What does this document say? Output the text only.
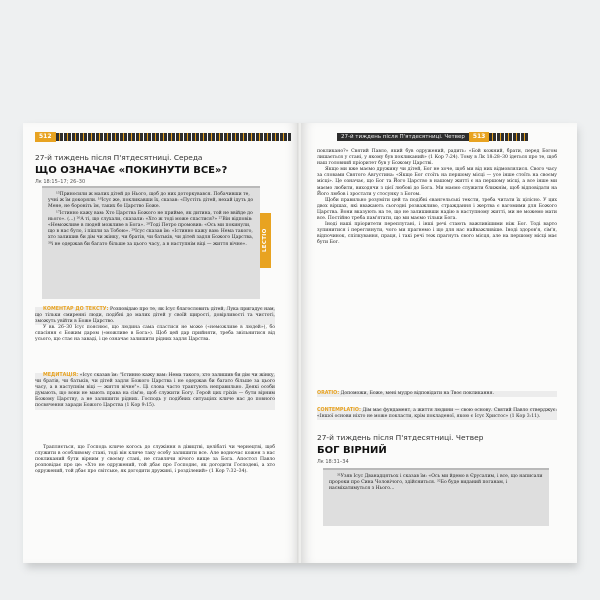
512
27-й тиждень після П'ятдесятниці. Середа
ЩО ОЗНАЧАЄ «ПОКИНУТИ ВСЕ»?
Лк 18:15–17; 26–30

¹⁵Приносили ж малих дітей до Нього, щоб до них доторкувався. Побачивши те, учні ж їм докоряли. ¹⁶Ісус же, покликавши їх, сказав: «Пустіть дітей, нехай ідуть до Мене, не бороніть їм, таких бо Царство Боже.

¹⁷Істинно кажу вам: Хто Царства Божого не прийме, як дитина, той не ввійде до нього». (...) ²⁶А ті, що слухали, сказали: «Хто ж тоді може спастися?» ²⁷Він відповів: «Неможливе в людей можливе в Бога». ²⁸Тоді Петро промовив: «Ось ми покинули, що в нас було, і пішли за Тобою». ²⁹Ісус сказав їм: «Істинно кажу вам: Нема такого, хто залишив би дім чи жінку, чи братів, чи батьків, чи дітей задля Божого Царства, ³⁰і не одержав би багато більше за цього часу, а в наступнім віці — життя вічне».	LECTIO

КОМЕНТАР ДО ТЕКСТУ: Розповідаю про те, як Ісус благословить дітей, Лука пригадує нам, що тільки смиренні люди, подібні до малих дітей у своїй щирості, довірливості та чистоті, зможуть увійти в Боже Царство.

У вв. 26–30 Ісус пояснює, що людина сама спастися не може («неможливе в людей»), бо спасіння є Божим даром («можливе в Бога»). Щоб цей дар прийняти, треба звільнитися від усього, що стає на заваді, і це означає залишити рідних задля Царства.

МЕДИТАЦІЯ: «Ісус сказав їм: "Істинно кажу вам: Нема такого, хто залишив би дім чи жінку, чи братів, чи батьків, чи дітей задля Божого Царства і не одержав би багато більше за цього часу, а в наступнім віці — життя вічне"». Ці слова часто трактують неправильно. Деякі особи думають, що вони не мають права на сім'ю, щоб служити Богу. Герой цих гріхів — бути вірним Божому Царству, а не залишити рідних. Господь у подібних ситуаціях кличе нас до повного посвячення заради Божого Царства (1 Кор 9:15).

Трапляється, що Господь кличе когось до служіння в дівицтві, целібаті чи чернецтві, щоб служити в особливому стані, тоді він кличе таку особу залишити все. Але водночас кожен з нас покликаний бути вірним у своєму стані, не ставлячи нічого вище за Бога. Апостол Павло розповідає про це: «Хто не одружений, той дбає про Господнє, як догодити Господеві, а хто одружений, той дбає про світське, як догодити дружині, і розділений» (1 Кор 7:32–34).

27-й тиждень після П'ятдесятниці. Четвер	513

покликано?» Святий Павло, який був одружений, радить: «Бой кожний, брати, перед Богом лишається у стані, у якому був покликаний» (1 Кор 7:24). Тому в Лк 18:28–30 ідеться про те, щоб наш головний пріоритет був у Божому Царстві.

Якщо ми вже маємо дружину чи дітей, Бог не хоче, щоб ми від них відмовлялися. Свого часу за словами Святого Августина: «Якщо Бог стоїть на першому місці — усе інше стоїть на своєму місці». Це означає, що Бог та Його Царство в нашому житті є на першому місці, а все інше ми маємо любити, виходячи з цієї любові до Бога. Ми маємо служити ближнім, щоб відповідати на Його любов і зростати у стосунку з Богом.

Щоби правильно розуміти цей та подібні євангельські тексти, треба читати їх цілісно. У цих двох віршах, які вважають сьогодні розважливо, страждання і жертва є вагомими для Божого Царства. Вони вказують на те, що не залишивши надію в наступному житті, ми не можемо мати все. Постійно треба пам'ятати, що ми маємо тільки Бога.

Іноді наші пріоритети переплутані, і інші речі стають важливішими ніж Бог. Тоді варто зупинитися і переглянути, чого ми прагнемо і що для нас найважливіше. Іноді здоров'я, сім'я, відпочинок, спілкування, праця, і такі речі теж прагнуть свого місця, але на першому місці має бути Бог.

ORATIO: Допоможи, Боже, мені мудро відповідати на Твоє покликання.

CONTEMPLATIO: Дім має фундамент, а життя людини — свою основу. Святий Павло стверджує: «Іншої основи ніхто не може покласти, крім покладеної, якою є Ісус Христос» (1 Кор 3:11).

27-й тиждень після П'ятдесятниці. Четвер
БОГ ВІРНИЙ
Лк 18:31–34

³¹Узяв Ісус Дванадцятьох і сказав їм: «Ось ми йдемо в Єрусалим, і все, що написали пророки про Сина Чоловічого, здійсниться. ³²Бо буде виданий поганам, і насміхатимуться з Нього...
